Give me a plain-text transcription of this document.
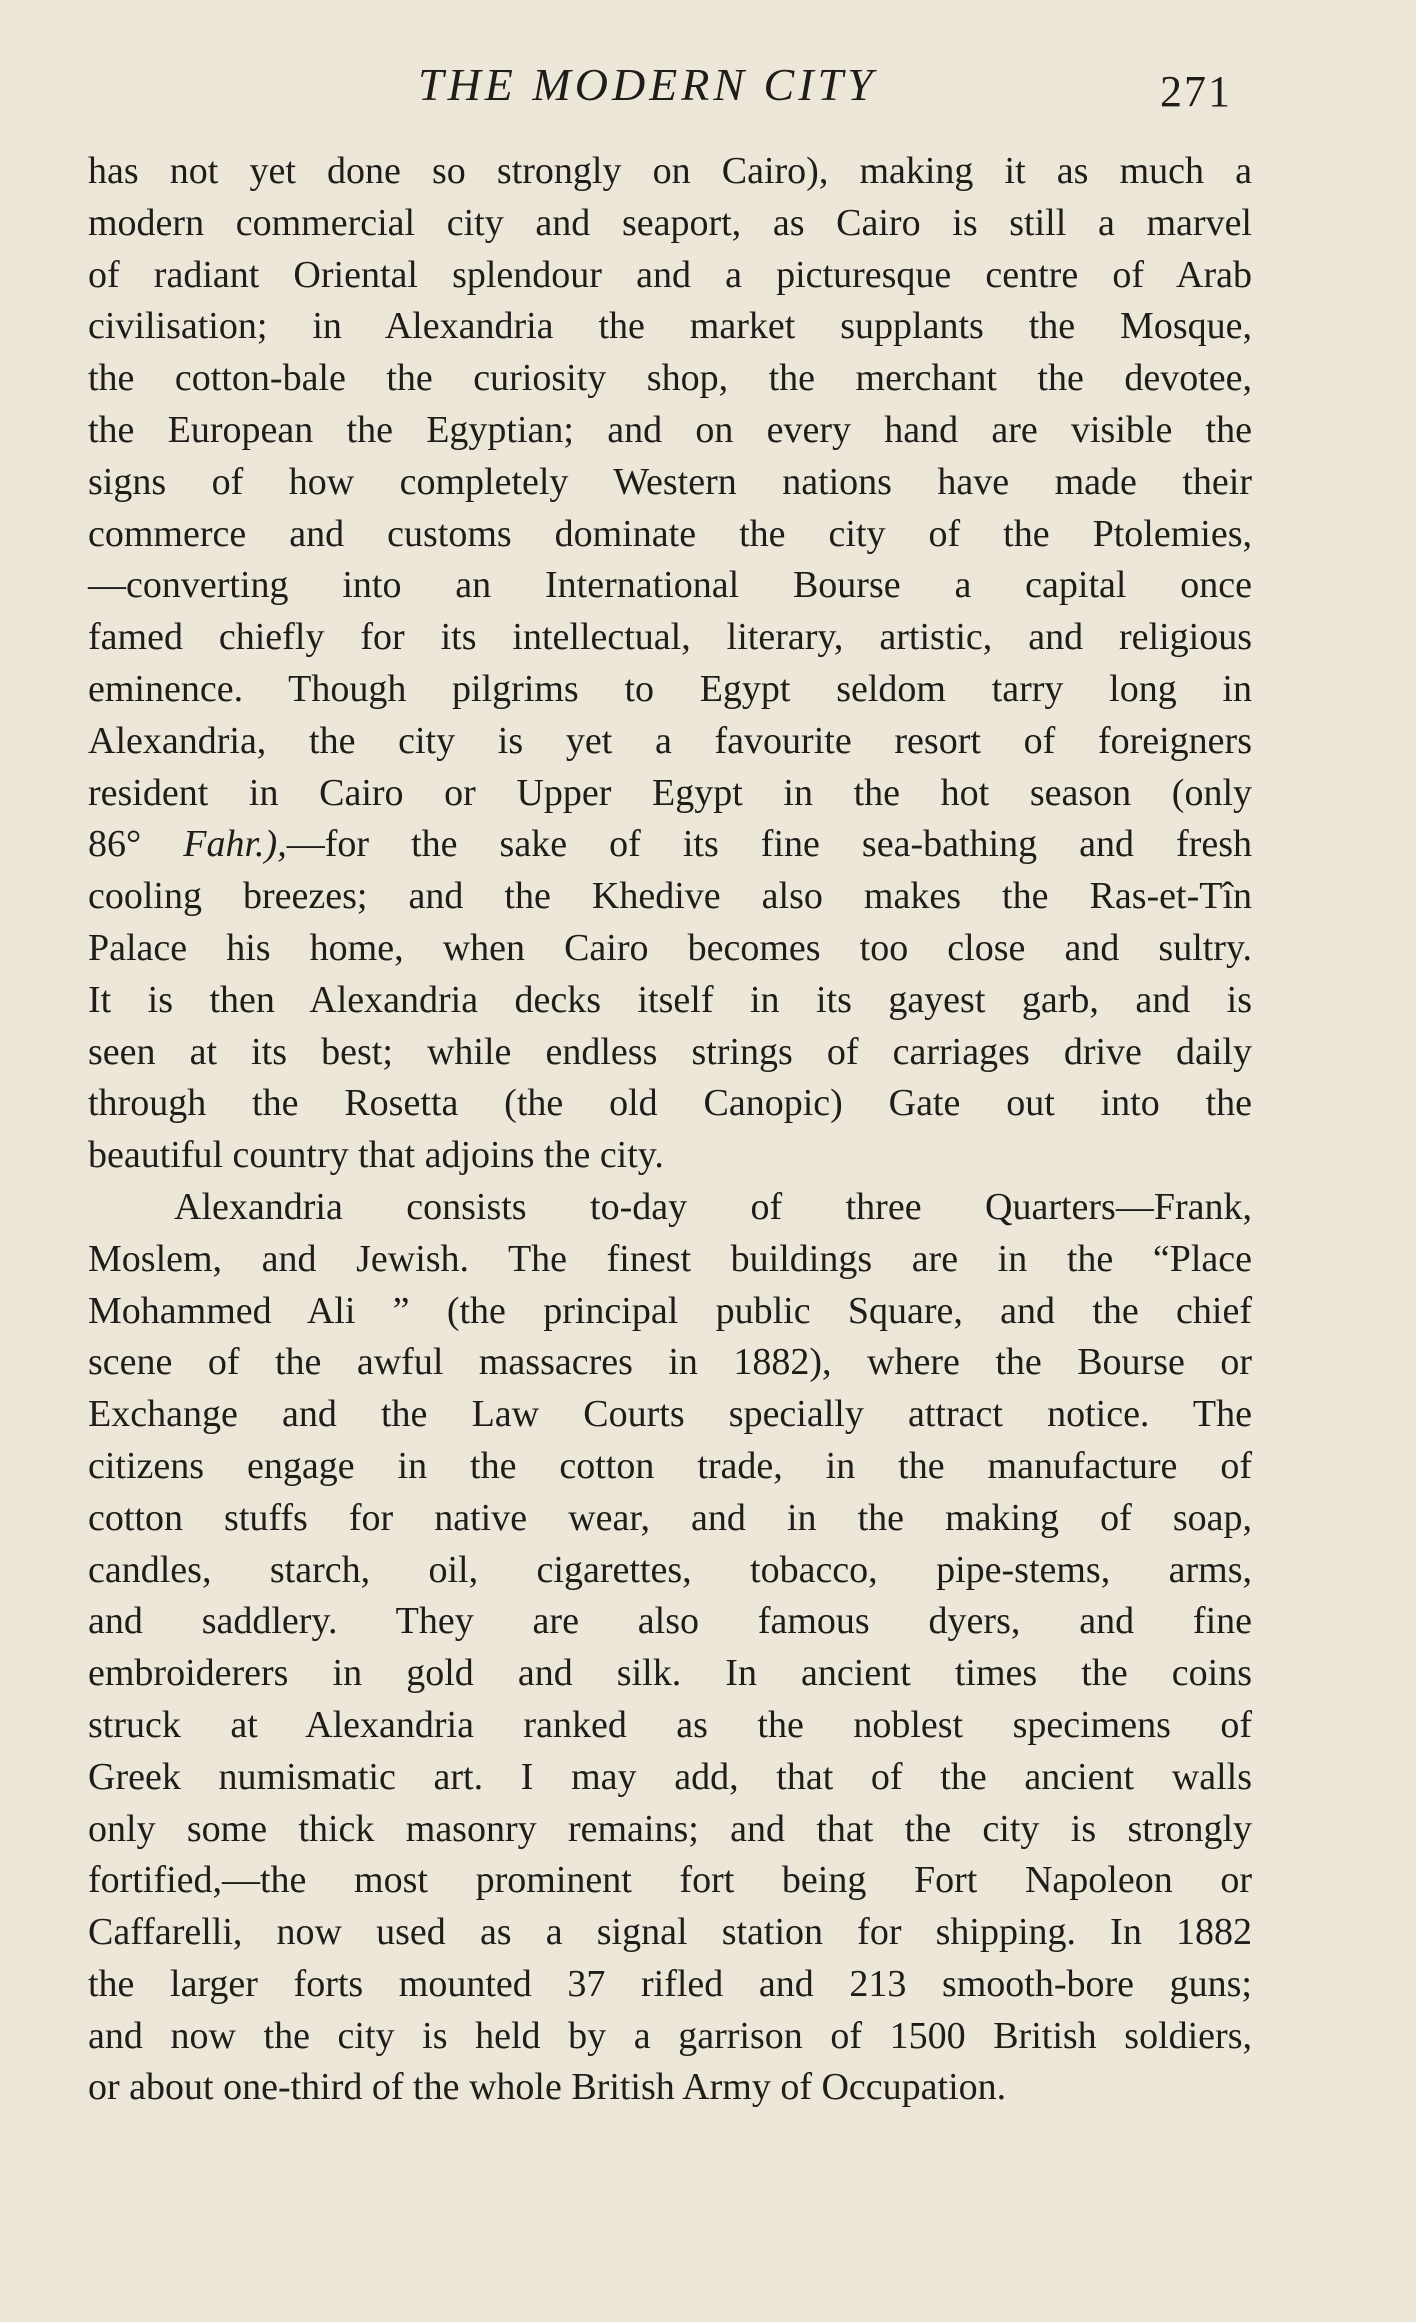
THE MODERN CITY	271
has not yet done so strongly on Cairo), making it as much a
modern commercial city and seaport, as Cairo is still a marvel
of radiant Oriental splendour and a picturesque centre of Arab
civilisation; in Alexandria the market supplants the Mosque,
the cotton-bale the curiosity shop, the merchant the devotee,
the European the Egyptian; and on every hand are visible the
signs of how completely Western nations have made their
commerce and customs dominate the city of the Ptolemies,
—converting into an International Bourse a capital once
famed chiefly for its intellectual, literary, artistic, and religious
eminence. Though pilgrims to Egypt seldom tarry long in
Alexandria, the city is yet a favourite resort of foreigners
resident in Cairo or Upper Egypt in the hot season (only
86° Fahr.),—for the sake of its fine sea-bathing and fresh
cooling breezes; and the Khedive also makes the Ras-et-Tîn
Palace his home, when Cairo becomes too close and sultry.
It is then Alexandria decks itself in its gayest garb, and is
seen at its best; while endless strings of carriages drive daily
through the Rosetta (the old Canopic) Gate out into the
beautiful country that adjoins the city.
Alexandria consists to-day of three Quarters—Frank,
Moslem, and Jewish. The finest buildings are in the “Place
Mohammed Ali ” (the principal public Square, and the chief
scene of the awful massacres in 1882), where the Bourse or
Exchange and the Law Courts specially attract notice. The
citizens engage in the cotton trade, in the manufacture of
cotton stuffs for native wear, and in the making of soap,
candles, starch, oil, cigarettes, tobacco, pipe-stems, arms,
and saddlery. They are also famous dyers, and fine
embroiderers in gold and silk. In ancient times the coins
struck at Alexandria ranked as the noblest specimens of
Greek numismatic art. I may add, that of the ancient walls
only some thick masonry remains; and that the city is strongly
fortified,—the most prominent fort being Fort Napoleon or
Caffarelli, now used as a signal station for shipping. In 1882
the larger forts mounted 37 rifled and 213 smooth-bore guns;
and now the city is held by a garrison of 1500 British soldiers,
or about one-third of the whole British Army of Occupation.
